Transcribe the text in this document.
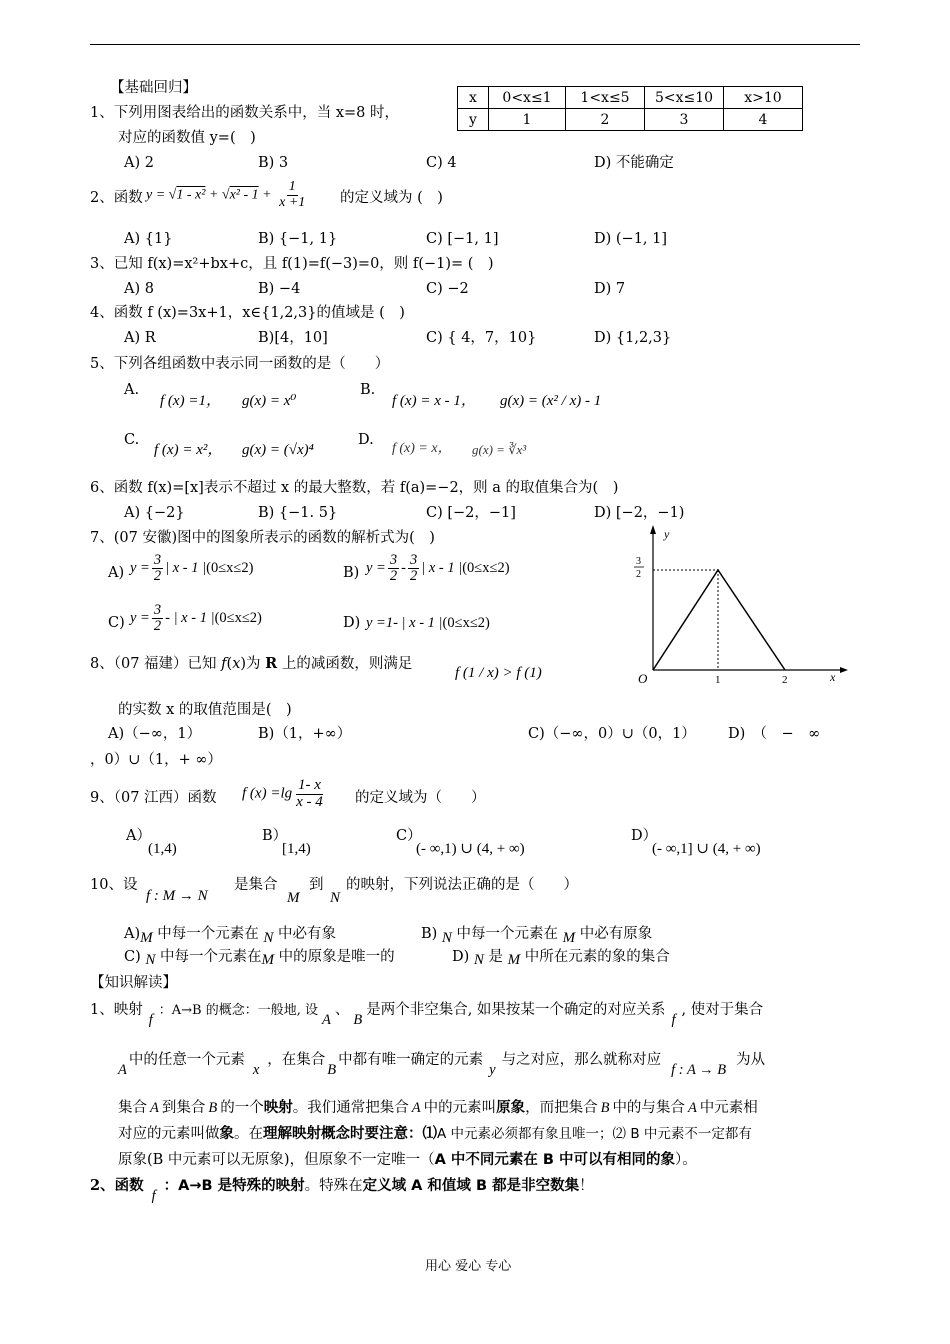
【基础回归】
x	0<x≤1	1<x≤5	5<x≤10	x>10
y	1	2	3	4
1、下列用图表给出的函数关系中，当 x=8 时，
对应的函数值 y=(　)
A) 2	B) 3	C) 4	D) 不能确定
2、函数 $y = √1 - x^2 + √x^2 - 1 + \frac{1}{x +1}$ 的定义域为 (　)
A) {1}	B) {−1, 1}	C) [−1, 1]	D) (−1, 1]
3、已知 f(x)=x²+bx+c，且 f(1)=f(−3)=0，则 f(−1)= (　)
A) 8	B) −4	C) −2	D) 7
4、函数 f (x)=3x+1，x∈{1,2,3}的值域是 (　)
A) R	B)[4，10]	C) { 4，7，10}	D) {1,2,3}
5、下列各组函数中表示同一函数的是（　　）
A.
f (x) =1， g(x) = x⁰
B.
f (x) = x - 1， g(x) = (x² / x) - 1
C.
f (x) = x²， g(x) = (√x)⁴
D.
f (x) = x， g(x) = ∛x³
6、函数 f(x)=[x]表示不超过 x 的最大整数，若 f(a)=−2，则 a 的取值集合为(　)
A) {−2}	B) {−1. 5}	C) [−2，−1]	D) [−2，−1)
7、(07 安徽)图中的图象所表示的函数的解析式为(　)
A) $y = \frac{3}{2}$ | x - 1 |(0≤x≤2)	B) $y = \frac{3}{2} - \frac{3}{2}$ | x - 1 |(0≤x≤2)
C) $y = \frac{3}{2}$ - | x - 1 |(0≤x≤2)	D) y =1- | x - 1 |(0≤x≤2)
y
x
O	1	2
3
2
8、（07 福建）已知 f(x)为 R 上的减函数，则满足
f (1 / x) > f (1)
的实数 x 的取值范围是(　)
A)（−∞，1）	B)（1，+∞）	C)（−∞，0）∪（0，1） D)　（　−　∞
，0）∪（1，+ ∞）
9、（07 江西）函数 f $(x) =\lg \frac{1- x}{x - 4}$ 的定义域为（　　）
A）
(1,4)
B）
[1,4)
C）
(- ∞,1) ∪ (4, + ∞)
D）
(- ∞,1] ∪ (4, + ∞)
10、设
f : M → N
是集合
M
到
N
的映射，下列说法正确的是（　　）
A)M 中每一个元素在 N 中必有象	B) N 中每一个元素在 M 中必有原象
C) N 中每一个元素在M 中的原象是唯一的	D) N 是 M 中所在元素的象的集合
【知识解读】
1、映射f：A→B 的概念：一般地, 设A、B是两个非空集合, 如果按某一个确定的对应关系f, 使对于集合
A中的任意一个元素x，在集合B中都有唯一确定的元素y与之对应，那么就称对应f : A → B为从
集合 A 到集合 B 的一个映射。我们通常把集合 A 中的元素叫原象，而把集合 B 中的与集合 A 中元素相
对应的元素叫做象。在理解映射概念时要注意：⑴A 中元素必须都有象且唯一；⑵ B 中元素不一定都有
原象(B 中元素可以无原象)，但原象不一定唯一（A 中不同元素在 B 中可以有相同的象）。
2、函数f：A→B 是特殊的映射。特殊在定义域 A 和值域 B 都是非空数集！
用心 爱心 专心
